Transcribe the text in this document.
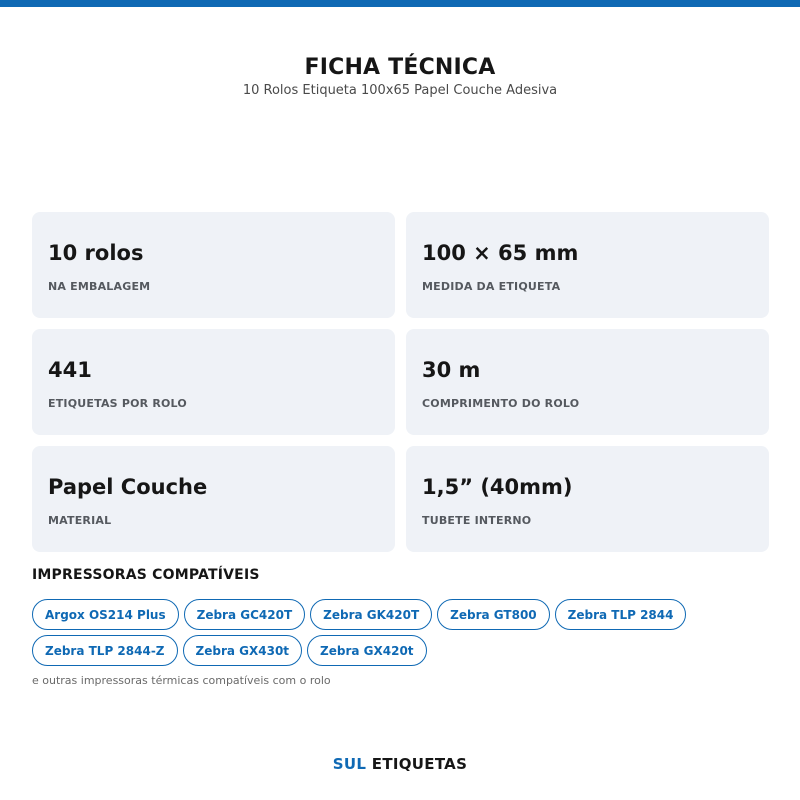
FICHA TÉCNICA
10 Rolos Etiqueta 100x65 Papel Couche Adesiva
10 rolos
NA EMBALAGEM
100 × 65 mm
MEDIDA DA ETIQUETA
441
ETIQUETAS POR ROLO
30 m
COMPRIMENTO DO ROLO
Papel Couche
MATERIAL
1,5” (40mm)
TUBETE INTERNO
IMPRESSORAS COMPATÍVEIS
Argox OS214 Plus	Zebra GC420T	Zebra GK420T	Zebra GT800	Zebra TLP 2844
Zebra TLP 2844-Z	Zebra GX430t	Zebra GX420t
e outras impressoras térmicas compatíveis com o rolo
SUL ETIQUETAS
